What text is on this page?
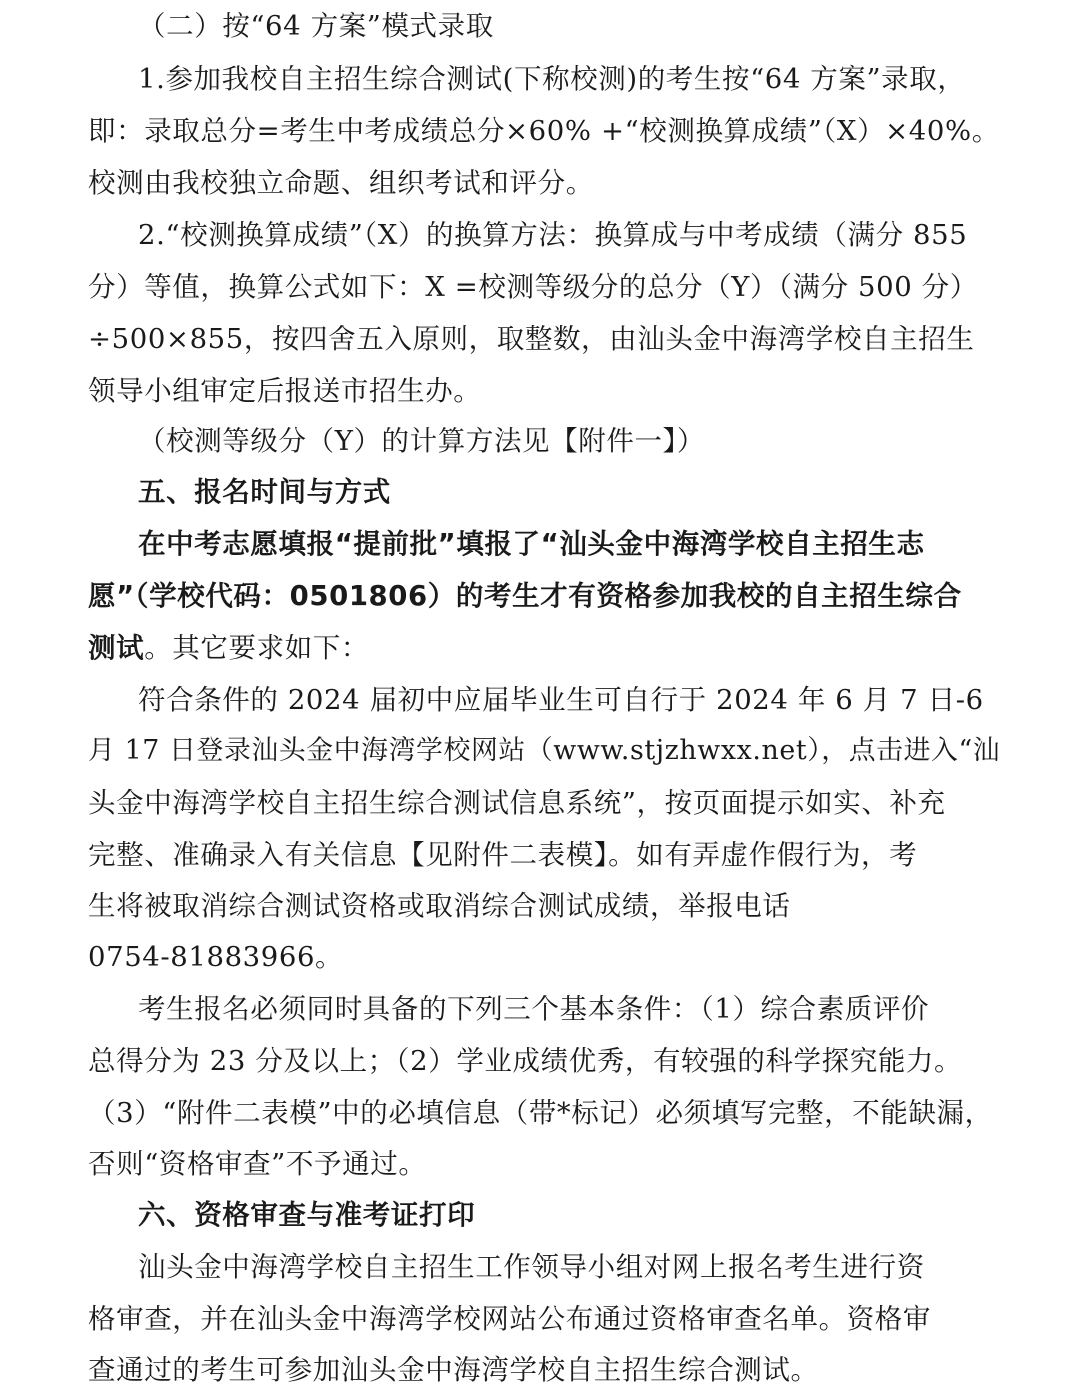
（二）按“64 方案”模式录取
1.参加我校自主招生综合测试(下称校测)的考生按“64 方案”录取，
即：录取总分=考生中考成绩总分×60% +“校测换算成绩”（X）×40%。
校测由我校独立命题、组织考试和评分。
2.“校测换算成绩”（X）的换算方法：换算成与中考成绩（满分 855
分）等值，换算公式如下：X =校测等级分的总分（Y）（满分 500 分）
÷500×855，按四舍五入原则，取整数，由汕头金中海湾学校自主招生
领导小组审定后报送市招生办。
（校测等级分（Y）的计算方法见【附件一】）
五、报名时间与方式
在中考志愿填报“提前批”填报了“汕头金中海湾学校自主招生志
愿”（学校代码：0501806）的考生才有资格参加我校的自主招生综合
测试。其它要求如下：
符合条件的 2024 届初中应届毕业生可自行于 2024 年 6 月 7 日-6
月 17 日登录汕头金中海湾学校网站（www.stjzhwxx.net），点击进入“汕
头金中海湾学校自主招生综合测试信息系统”，按页面提示如实、补充
完整、准确录入有关信息【见附件二表模】。如有弄虚作假行为，考
生将被取消综合测试资格或取消综合测试成绩，举报电话
0754-81883966。
考生报名必须同时具备的下列三个基本条件：（1）综合素质评价
总得分为 23 分及以上；（2）学业成绩优秀，有较强的科学探究能力。
（3）“附件二表模”中的必填信息（带*标记）必须填写完整，不能缺漏，
否则“资格审查”不予通过。
六、资格审查与准考证打印
汕头金中海湾学校自主招生工作领导小组对网上报名考生进行资
格审查，并在汕头金中海湾学校网站公布通过资格审查名单。资格审
查通过的考生可参加汕头金中海湾学校自主招生综合测试。
